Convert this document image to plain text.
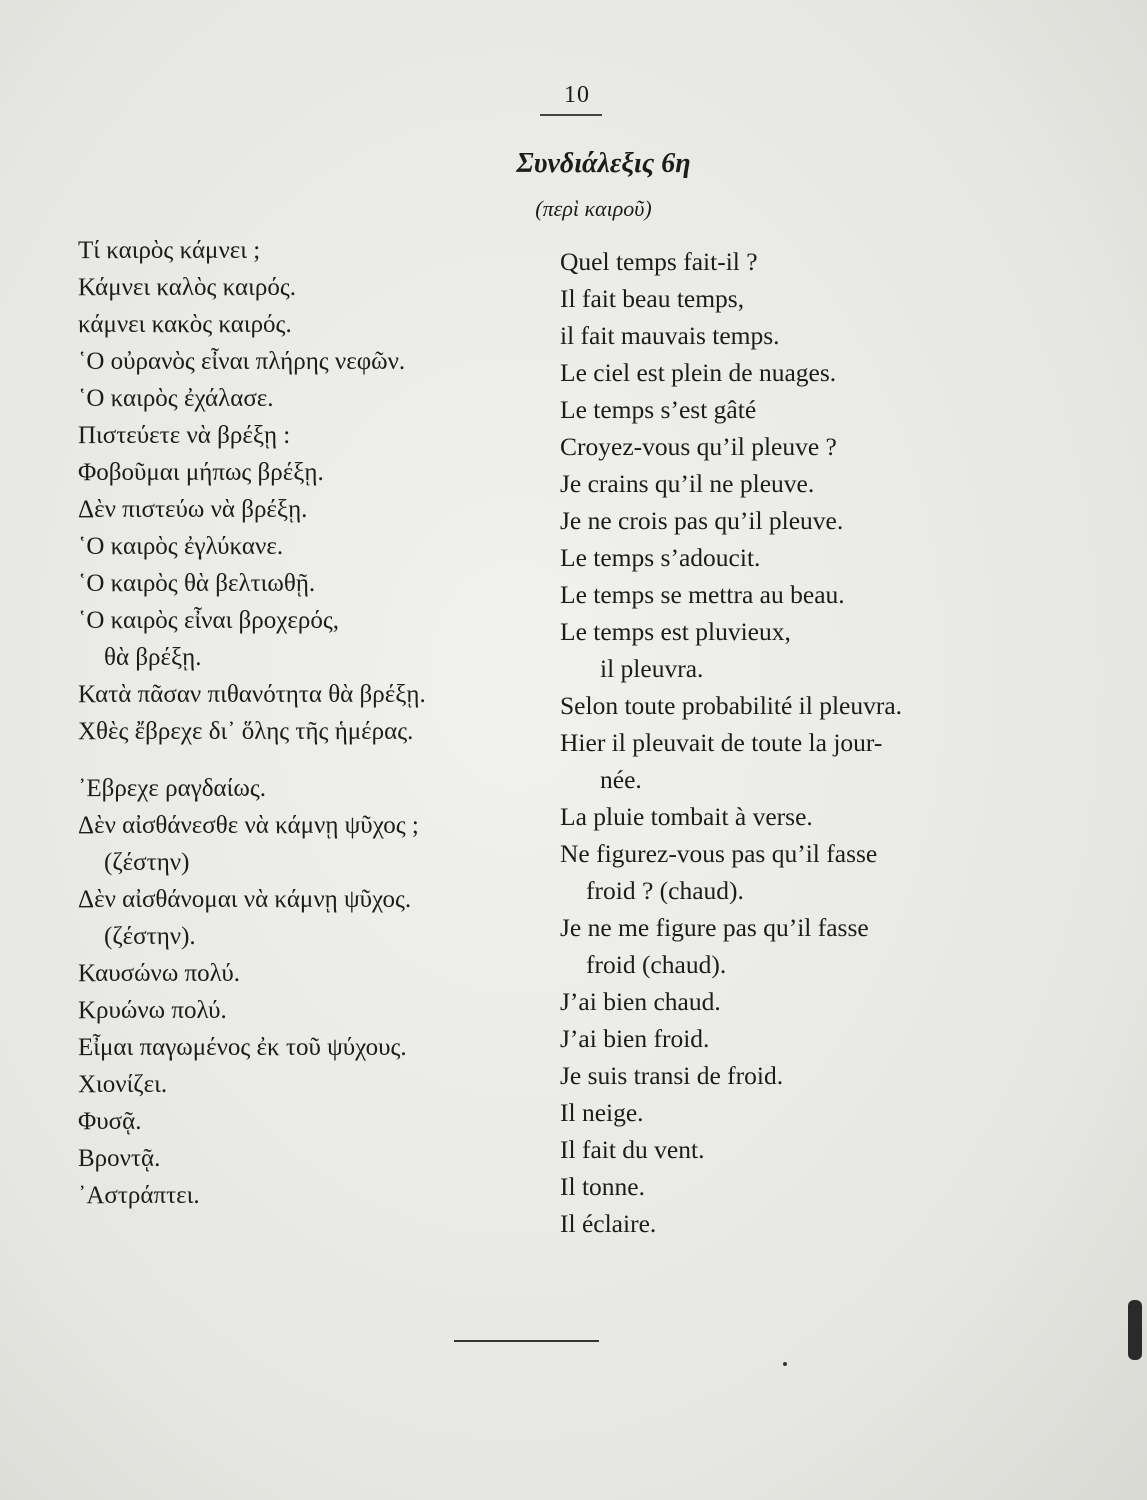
10
Συνδιάλεξις 6η
(περὶ καιροῦ)
Τί καιρὸς κάμνει ;
Κάμνει καλὸς καιρός.
κάμνει κακὸς καιρός.
῾Ο οὐρανὸς εἶναι πλήρης νεφῶν.
῾Ο καιρὸς ἐχάλασε.
Πιστεύετε νὰ βρέξῃ :
Φοβοῦμαι μήπως βρέξῃ.
Δὲν πιστεύω νὰ βρέξῃ.
῾Ο καιρὸς ἐγλύκανε.
῾Ο καιρὸς θὰ βελτιωθῇ.
῾Ο καιρὸς εἶναι βροχερός,
θὰ βρέξῃ.
Κατὰ πᾶσαν πιθανότητα θὰ βρέξῃ.
Χθὲς ἔβρεχε δι᾽ ὅλης τῆς ἡμέρας.
᾽Εβρεχε ραγδαίως.
Δὲν αἰσθάνεσθε νὰ κάμνῃ ψῦχος ;
(ζέστην)
Δὲν αἰσθάνομαι νὰ κάμνῃ ψῦχος.
(ζέστην).
Καυσώνω πολύ.
Κρυώνω πολύ.
Εἶμαι παγωμένος ἐκ τοῦ ψύχους.
Χιονίζει.
Φυσᾷ.
Βροντᾷ.
᾽Αστράπτει.
Quel temps fait-il ?
Il fait beau temps,
il fait mauvais temps.
Le ciel est plein de nuages.
Le temps s’est gâté
Croyez-vous qu’il pleuve ?
Je crains qu’il ne pleuve.
Je ne crois pas qu’il pleuve.
Le temps s’adoucit.
Le temps se mettra au beau.
Le temps est pluvieux,
il pleuvra.
Selon toute probabilité il pleuvra.
Hier il pleuvait de toute la jour-
née.
La pluie tombait à verse.
Ne figurez-vous pas qu’il fasse
froid ? (chaud).
Je ne me figure pas qu’il fasse
froid (chaud).
J’ai bien chaud.
J’ai bien froid.
Je suis transi de froid.
Il neige.
Il fait du vent.
Il tonne.
Il éclaire.
